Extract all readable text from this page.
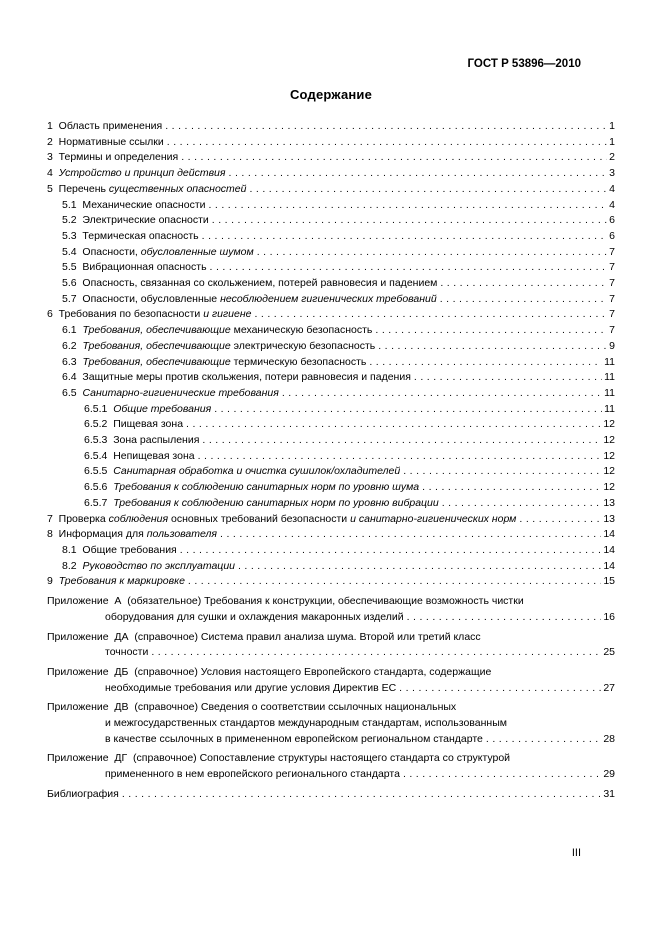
ГОСТ Р 53896—2010
Содержание
1  Область применения . . .	1
2  Нормативные ссылки . . .	1
3  Термины и определения . . .	2
4  Устройство и принцип действия . . .	3
5  Перечень существенных опасностей . . .	4
5.1  Механические опасности . . .	4
5.2  Электрические опасности . . .	6
5.3  Термическая опасность . . .	6
5.4  Опасности, обусловленные шумом . . .	7
5.5  Вибрационная опасность . . .	7
5.6  Опасность, связанная со скольжением, потерей равновесия и падением . . .	7
5.7  Опасности, обусловленные несоблюдением гигиенических требований . . .	7
6  Требования по безопасности и гигиене . . .	7
6.1  Требования, обеспечивающие механическую безопасность . . .	7
6.2  Требования, обеспечивающие электрическую безопасность . . .	9
6.3  Требования, обеспечивающие термическую безопасность . . .	11
6.4  Защитные меры против скольжения, потери равновесия и падения . . .	11
6.5  Санитарно-гигиенические требования . . .	11
6.5.1  Общие требования . . .	11
6.5.2  Пищевая зона . . .	12
6.5.3  Зона распыления . . .	12
6.5.4  Непищевая зона . . .	12
6.5.5  Санитарная обработка и очистка сушилок/охладителей . . .	12
6.5.6  Требования к соблюдению санитарных норм по уровню шума . . .	12
6.5.7  Требования к соблюдению санитарных норм по уровню вибрации . . .	13
7  Проверка соблюдения основных требований безопасности и санитарно-гигиенических норм . . .	13
8  Информация для пользователя . . .	14
8.1  Общие требования . . .	14
8.2  Руководство по эксплуатации . . .	14
9  Требования к маркировке . . .	15
Приложение  А  (обязательное) Требования к конструкции, обеспечивающие возможность чистки
оборудования для сушки и охлаждения макаронных изделий . . .	16
Приложение  ДА  (справочное) Система правил анализа шума. Второй или третий класс
точности . . .	25
Приложение  ДБ  (справочное) Условия настоящего Европейского стандарта, содержащие
необходимые требования или другие условия Директив ЕС . . .	27
Приложение  ДВ  (справочное) Сведения о соответствии ссылочных национальных
и межгосударственных стандартов международным стандартам, использованным
в качестве ссылочных в примененном европейском региональном стандарте . . .	28
Приложение  ДГ  (справочное) Сопоставление структуры настоящего стандарта со структурой
примененного в нем европейского регионального стандарта . . .	29
Библиография . . .	31
III
